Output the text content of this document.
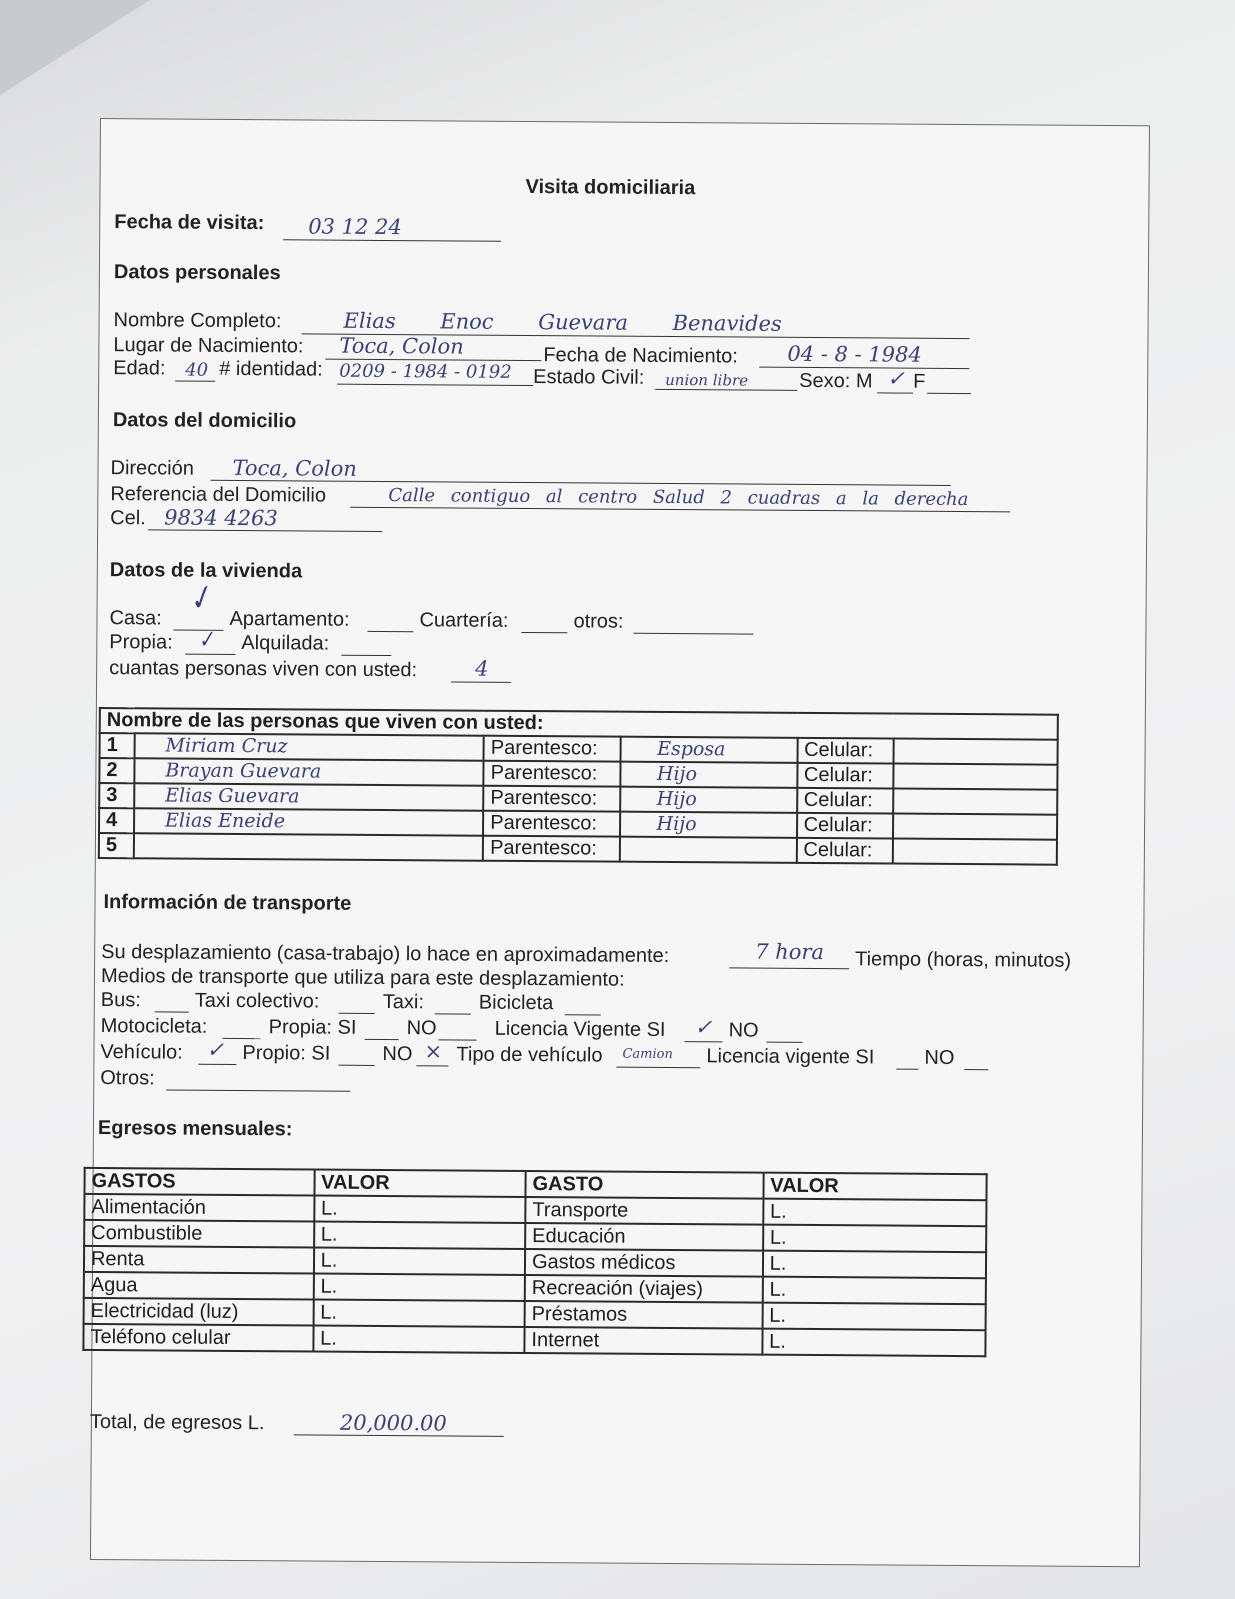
Visita domiciliaria
Fecha de visita: 03 12 24
Datos personales
Nombre Completo:	Elias Enoc Guevara Benavides
Lugar de Nacimiento: Toca, Colon	Fecha de Nacimiento: 04 - 8 - 1984
Edad: 40 # identidad: 0209 - 1984 - 0192 Estado Civil: union libre	Sexo: M ✓ F
Datos del domicilio
Dirección Toca, Colon
Referencia del Domicilio	Calle contiguo al centro Salud 2 cuadras a la derecha
Cel. 9834 4263
Datos de la vivienda
Casa: ✓ Apartamento:	Cuartería:	otros:
Propia: ✓ Alquilada:
cuantas personas viven con usted:	4
Nombre de las personas que viven con usted:					
1	Miriam Cruz	Parentesco:	Esposa	Celular:	
2	Brayan Guevara	Parentesco:	Hijo	Celular:	
3	Elias Guevara	Parentesco:	Hijo	Celular:	
4	Elias Eneide	Parentesco:	Hijo	Celular:	
5		Parentesco:		Celular:	
Información de transporte
Su desplazamiento (casa-trabajo) lo hace en aproximadamente:	7 hora Tiempo (horas, minutos)
Medios de transporte que utiliza para este desplazamiento:
Bus:	Taxi colectivo:	Taxi:	Bicicleta
Motocicleta:	Propia: SI	NO	Licencia Vigente SI ✓ NO
Vehículo: ✓ Propio: SI	NO × Tipo de vehículo Camion Licencia vigente SI NO
Otros:
Egresos mensuales:
GASTOS	VALOR	GASTO	VALOR
Alimentación	L.	Transporte	L.
Combustible	L.	Educación	L.
Renta	L.	Gastos médicos	L.
Agua	L.	Recreación (viajes)	L.
Electricidad (luz)	L.	Préstamos	L.
Teléfono celular	L.	Internet	L.
Total, de egresos L.	20,000.00
